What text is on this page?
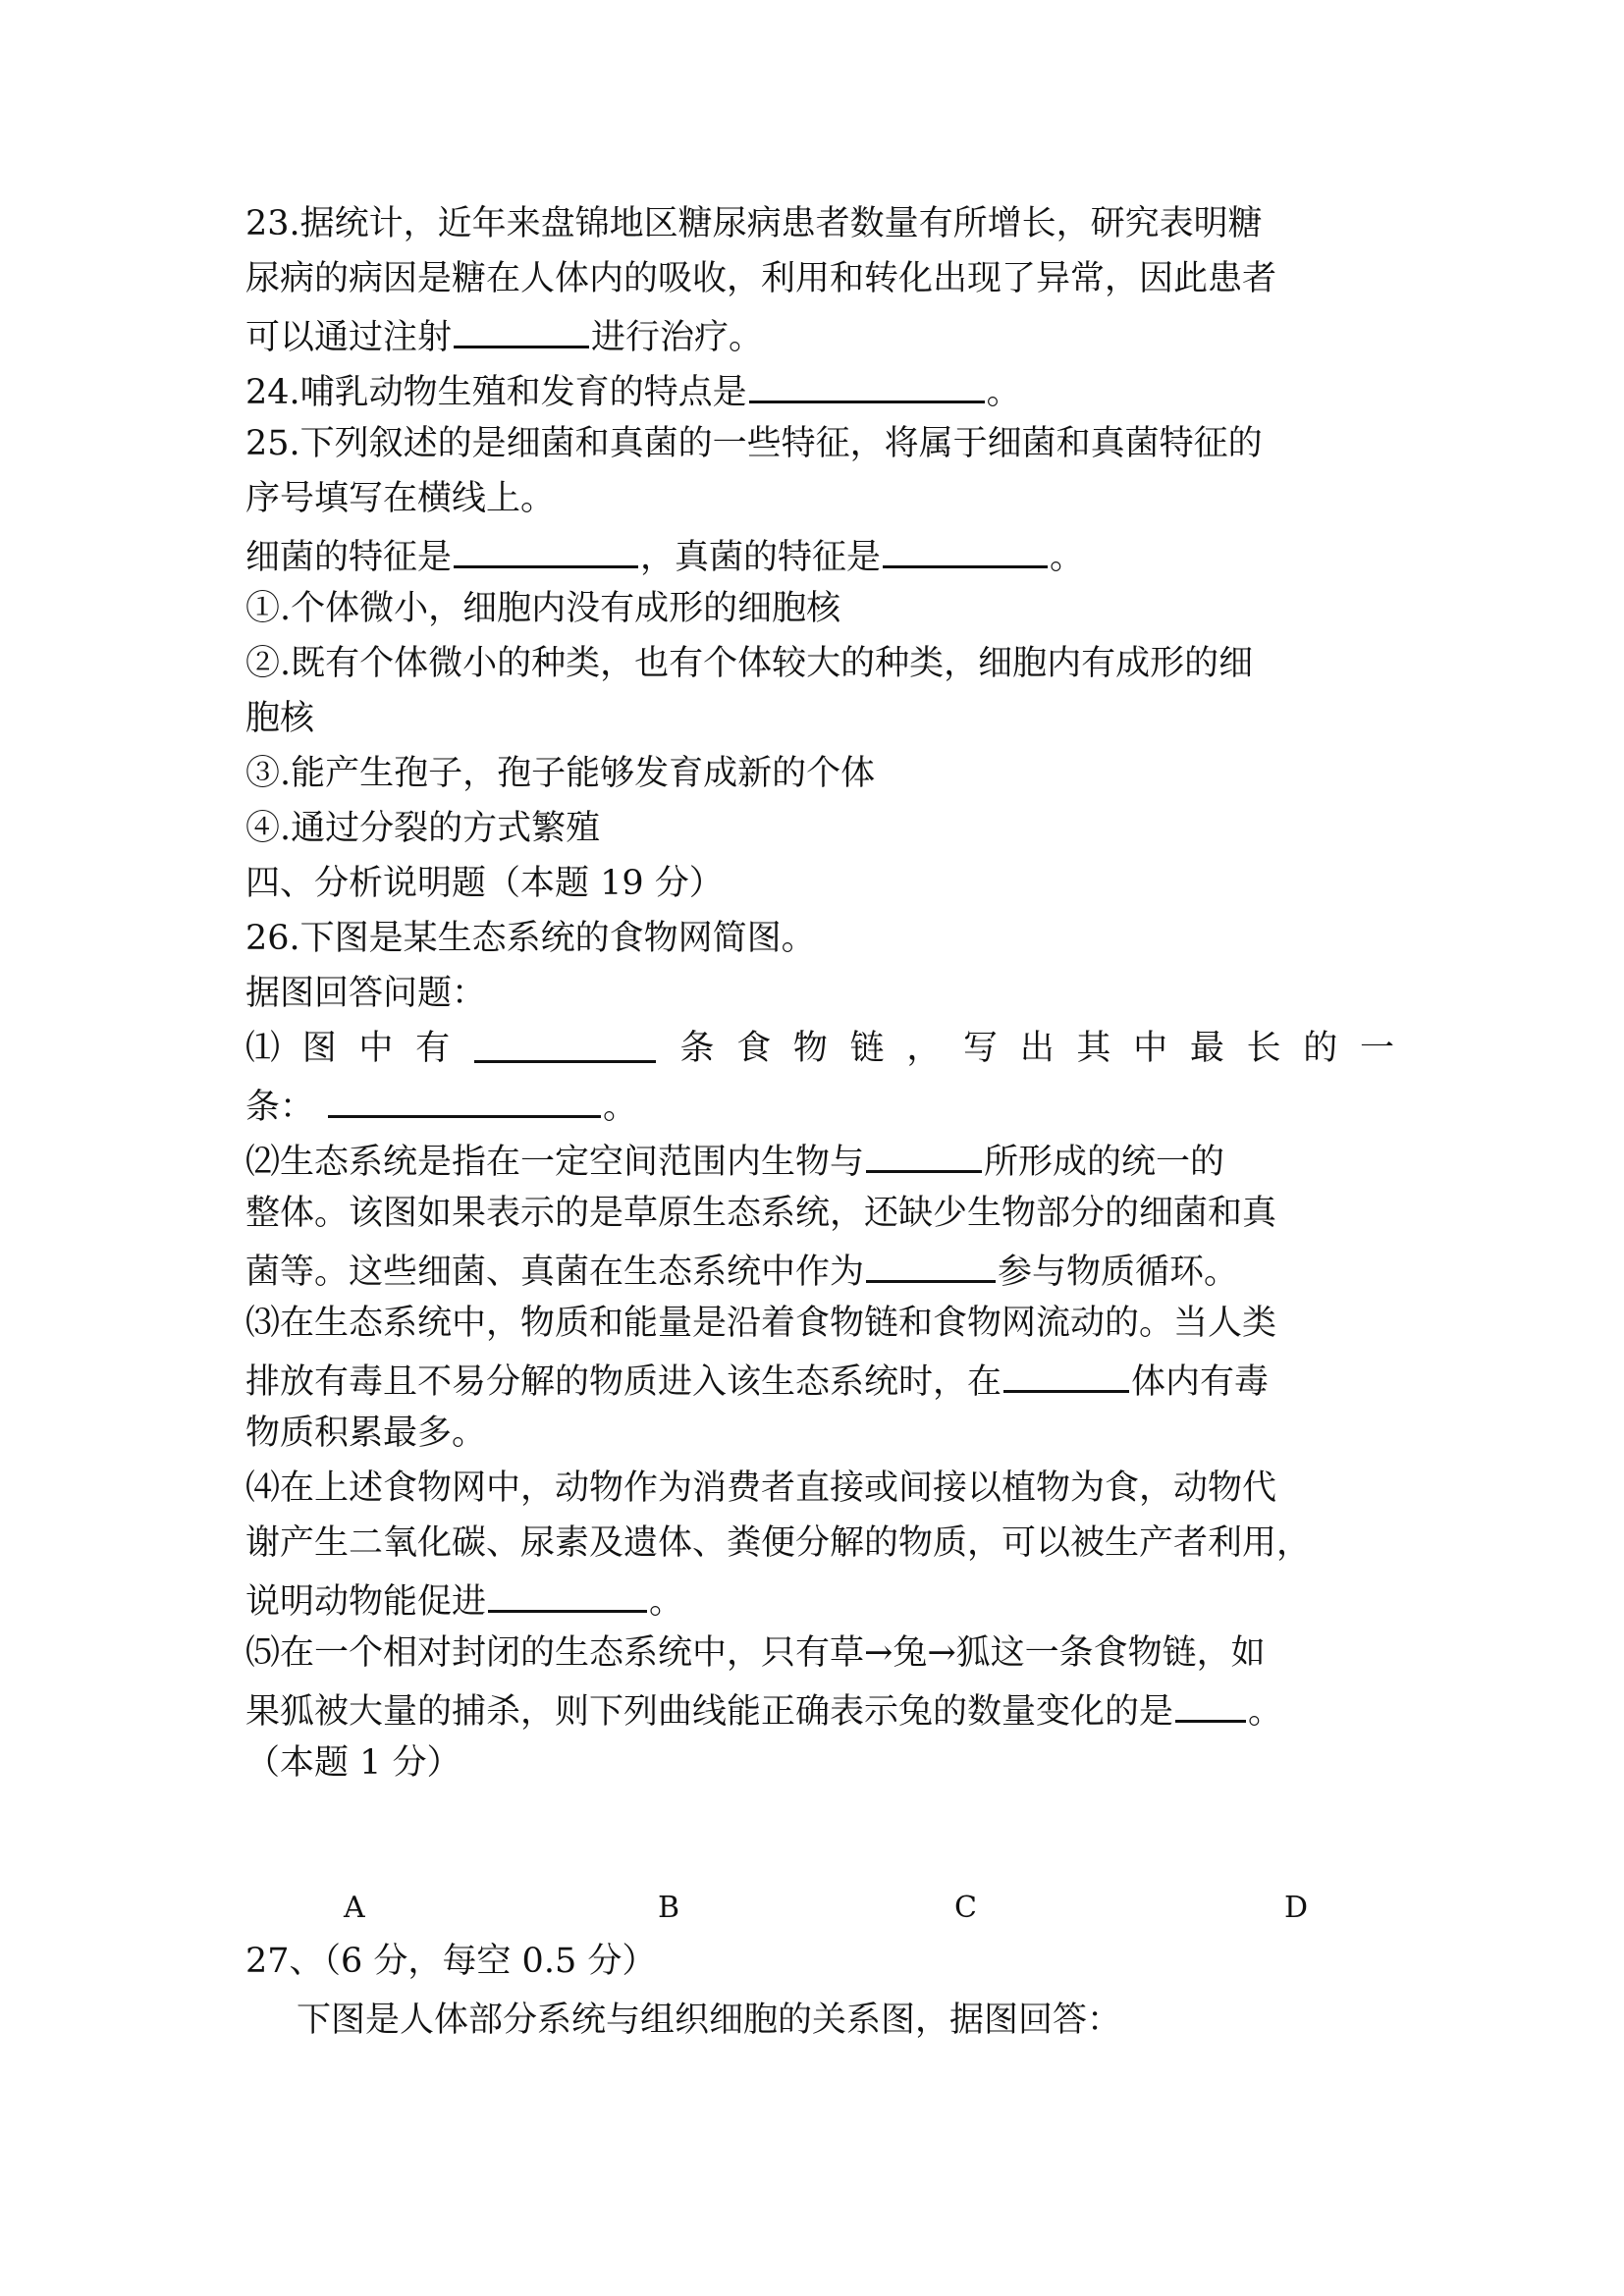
23.据统计，近年来盘锦地区糖尿病患者数量有所增长，研究表明糖
尿病的病因是糖在人体内的吸收，利用和转化出现了异常，因此患者
可以通过注射	进行治疗。
24.哺乳动物生殖和发育的特点是	。
25.下列叙述的是细菌和真菌的一些特征，将属于细菌和真菌特征的
序号填写在横线上。
细菌的特征是	，真菌的特征是	。
①.个体微小，细胞内没有成形的细胞核
②.既有个体微小的种类，也有个体较大的种类，细胞内有成形的细
胞核
③.能产生孢子，孢子能够发育成新的个体
④.通过分裂的方式繁殖
四、分析说明题（本题 19 分）
26.下图是某生态系统的食物网简图。
据图回答问题：
⑴ 图 中 有	条 食 物 链 ， 写 出 其 中 最 长 的 一
条：	。
⑵生态系统是指在一定空间范围内生物与	所形成的统一的
整体。该图如果表示的是草原生态系统，还缺少生物部分的细菌和真
菌等。这些细菌、真菌在生态系统中作为	参与物质循环。
⑶在生态系统中，物质和能量是沿着食物链和食物网流动的。当人类
排放有毒且不易分解的物质进入该生态系统时，在	体内有毒
物质积累最多。
⑷在上述食物网中，动物作为消费者直接或间接以植物为食，动物代
谢产生二氧化碳、尿素及遗体、粪便分解的物质，可以被生产者利用，
说明动物能促进	。
⑸在一个相对封闭的生态系统中，只有草→兔→狐这一条食物链，如
果狐被大量的捕杀，则下列曲线能正确表示兔的数量变化的是 。
（本题 1 分）
A	B	C	D
27、（6 分，每空 0.5 分）
下图是人体部分系统与组织细胞的关系图，据图回答：
